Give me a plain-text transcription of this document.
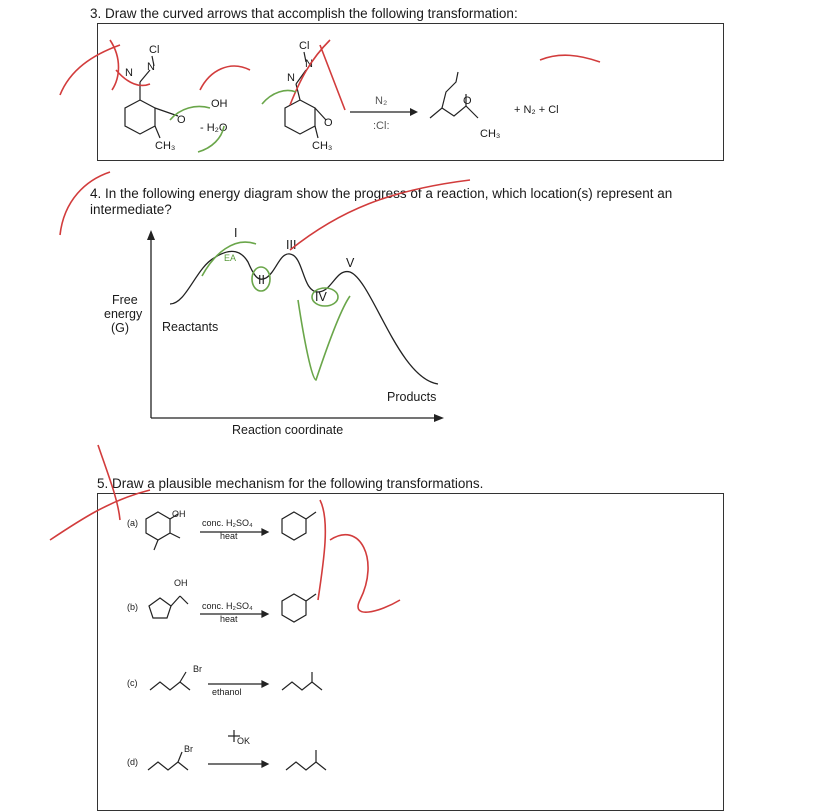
3. Draw the curved arrows that accomplish the following transformation:
Cl
N N
OH
- H₂O
O
CH₃
Cl
N
N
O
CH₃
N₂
:Cl:
O
CH₃
+ N₂ + Cl
4. In the following energy diagram show the progress of a reaction, which location(s) represent an
intermediate?
Free
energy
(G)
Reaction coordinate
Reactants
Products
I
II
III
IV
V
EA
5. Draw a plausible mechanism for the following transformations.
(a)
OH
conc. H₂SO₄
heat
(b)
OH
conc. H₂SO₄
heat
(c)
Br
ethanol
(d)
Br
OK
